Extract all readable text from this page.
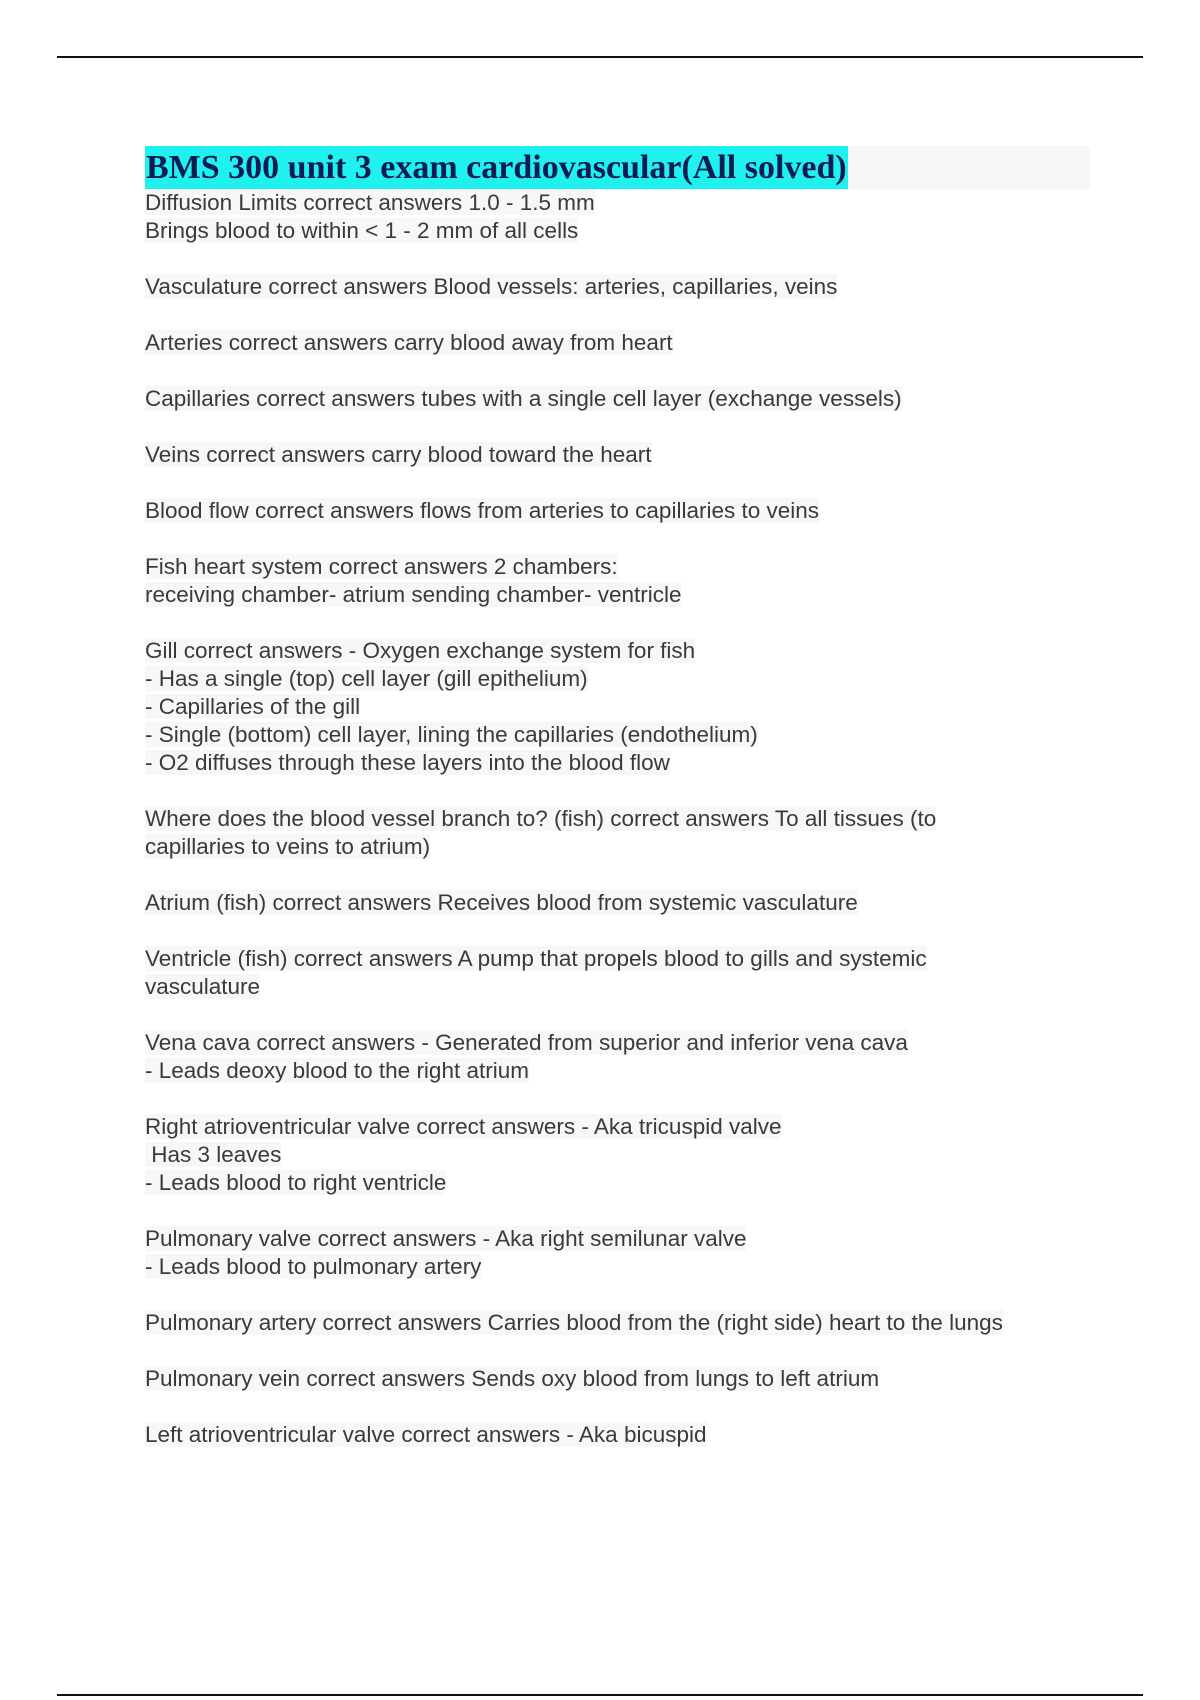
BMS 300 unit 3 exam cardiovascular(All solved)
Diffusion Limits correct answers 1.0 - 1.5 mm
Brings blood to within < 1 - 2 mm of all cells
Vasculature correct answers Blood vessels: arteries, capillaries, veins
Arteries correct answers carry blood away from heart
Capillaries correct answers tubes with a single cell layer (exchange vessels)
Veins correct answers carry blood toward the heart
Blood flow correct answers flows from arteries to capillaries to veins
Fish heart system correct answers 2 chambers:
receiving chamber- atrium sending chamber- ventricle
Gill correct answers - Oxygen exchange system for fish
- Has a single (top) cell layer (gill epithelium)
- Capillaries of the gill
- Single (bottom) cell layer, lining the capillaries (endothelium)
- O2 diffuses through these layers into the blood flow
Where does the blood vessel branch to? (fish) correct answers To all tissues (to
capillaries to veins to atrium)
Atrium (fish) correct answers Receives blood from systemic vasculature
Ventricle (fish) correct answers A pump that propels blood to gills and systemic
vasculature
Vena cava correct answers - Generated from superior and inferior vena cava
- Leads deoxy blood to the right atrium
Right atrioventricular valve correct answers - Aka tricuspid valve
Has 3 leaves
- Leads blood to right ventricle
Pulmonary valve correct answers - Aka right semilunar valve
- Leads blood to pulmonary artery
Pulmonary artery correct answers Carries blood from the (right side) heart to the lungs
Pulmonary vein correct answers Sends oxy blood from lungs to left atrium
Left atrioventricular valve correct answers - Aka bicuspid
